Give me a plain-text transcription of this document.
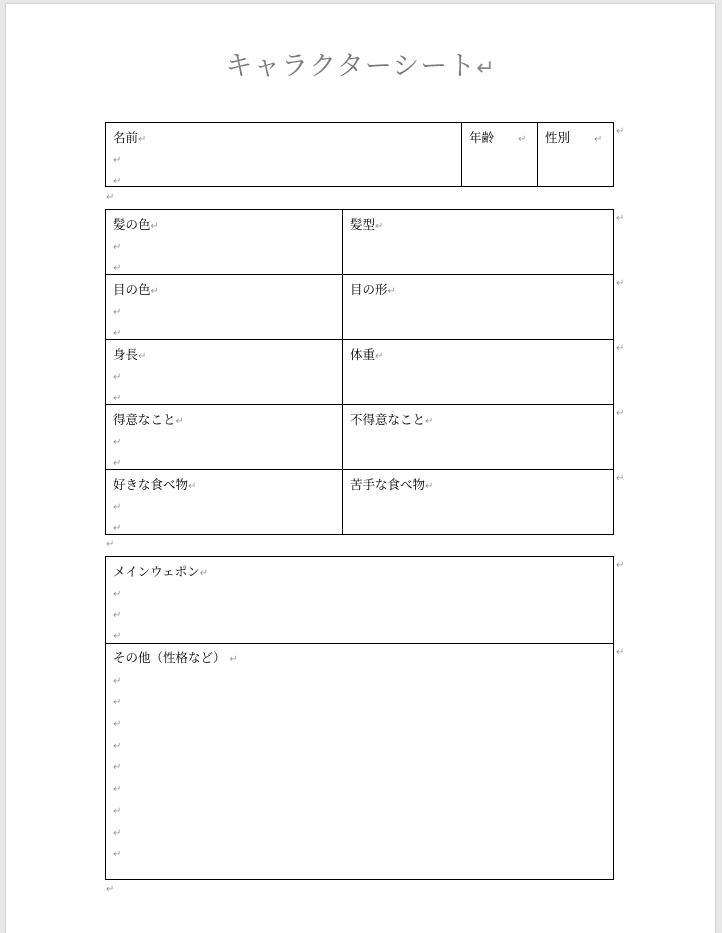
キャラクターシート↵
名前↵
↵
↵
年齢 ↵	性別 ↵
↵
↵
髪の色↵
↵
↵
髪型↵
目の色↵
↵
↵
目の形↵
身長↵
↵
↵
体重↵
得意なこと↵
↵
↵
不得意なこと↵
好きな食べ物↵
↵
↵
苦手な食べ物↵
↵
↵
↵
↵
↵
↵
メインウェポン↵
↵
↵
↵
その他（性格など） ↵
↵
↵
↵
↵
↵
↵
↵
↵
↵
↵
↵
↵
